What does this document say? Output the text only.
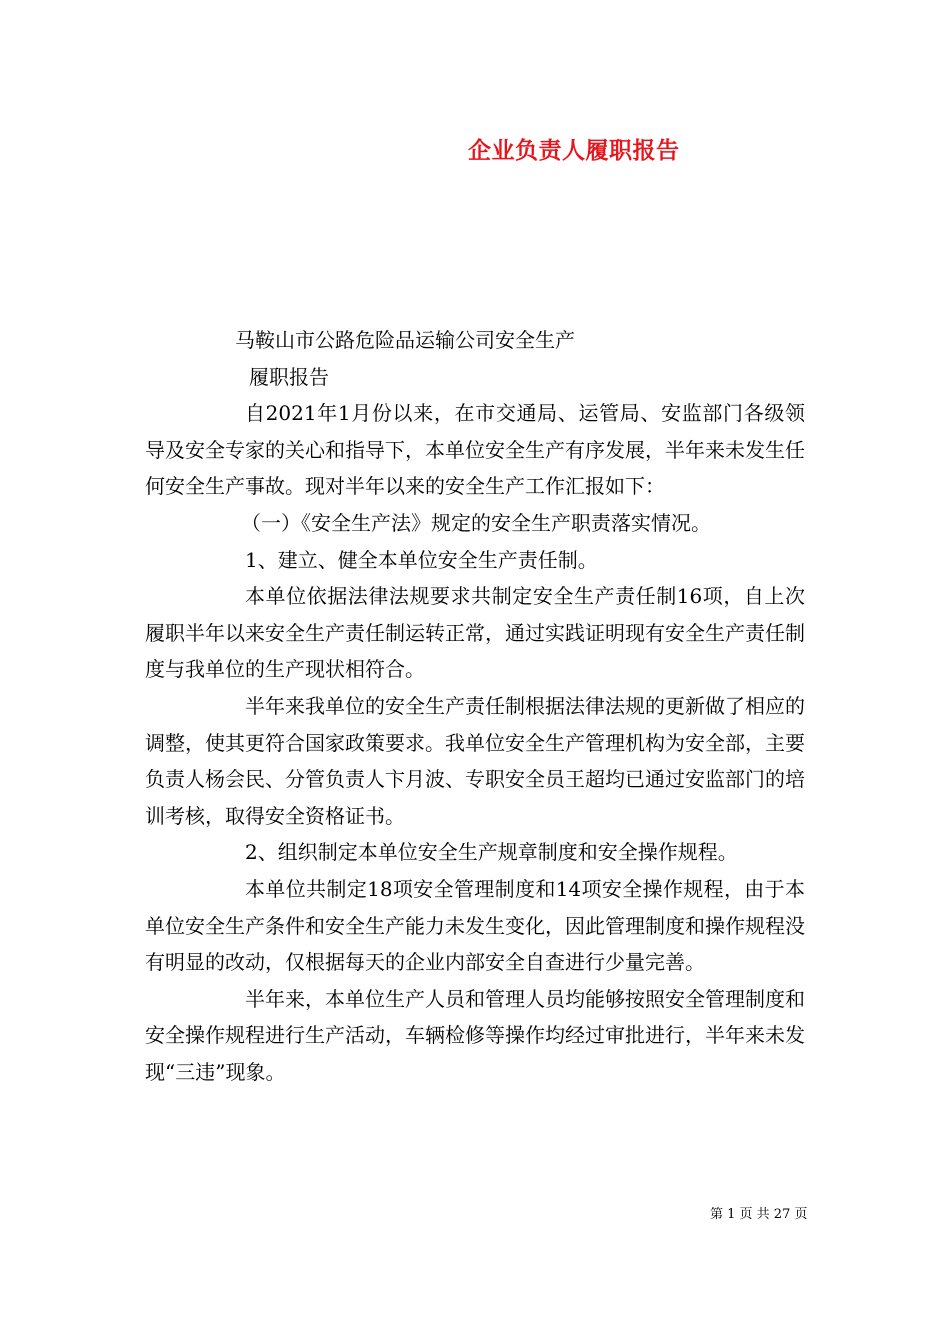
企业负责人履职报告

马鞍山市公路危险品运输公司安全生产

履职报告

自2021年1月份以来，在市交通局、运管局、安监部门各级领导及安全专家的关心和指导下，本单位安全生产有序发展，半年来未发生任何安全生产事故。现对半年以来的安全生产工作汇报如下：

（一）《安全生产法》规定的安全生产职责落实情况。

1、建立、健全本单位安全生产责任制。

本单位依据法律法规要求共制定安全生产责任制16项，自上次履职半年以来安全生产责任制运转正常，通过实践证明现有安全生产责任制度与我单位的生产现状相符合。

半年来我单位的安全生产责任制根据法律法规的更新做了相应的调整，使其更符合国家政策要求。我单位安全生产管理机构为安全部，主要负责人杨会民、分管负责人卞月波、专职安全员王超均已通过安监部门的培训考核，取得安全资格证书。

2、组织制定本单位安全生产规章制度和安全操作规程。

本单位共制定18项安全管理制度和14项安全操作规程，由于本单位安全生产条件和安全生产能力未发生变化，因此管理制度和操作规程没有明显的改动，仅根据每天的企业内部安全自查进行少量完善。

半年来，本单位生产人员和管理人员均能够按照安全管理制度和安全操作规程进行生产活动，车辆检修等操作均经过审批进行，半年来未发现“三违”现象。

第 1 页 共 27 页
